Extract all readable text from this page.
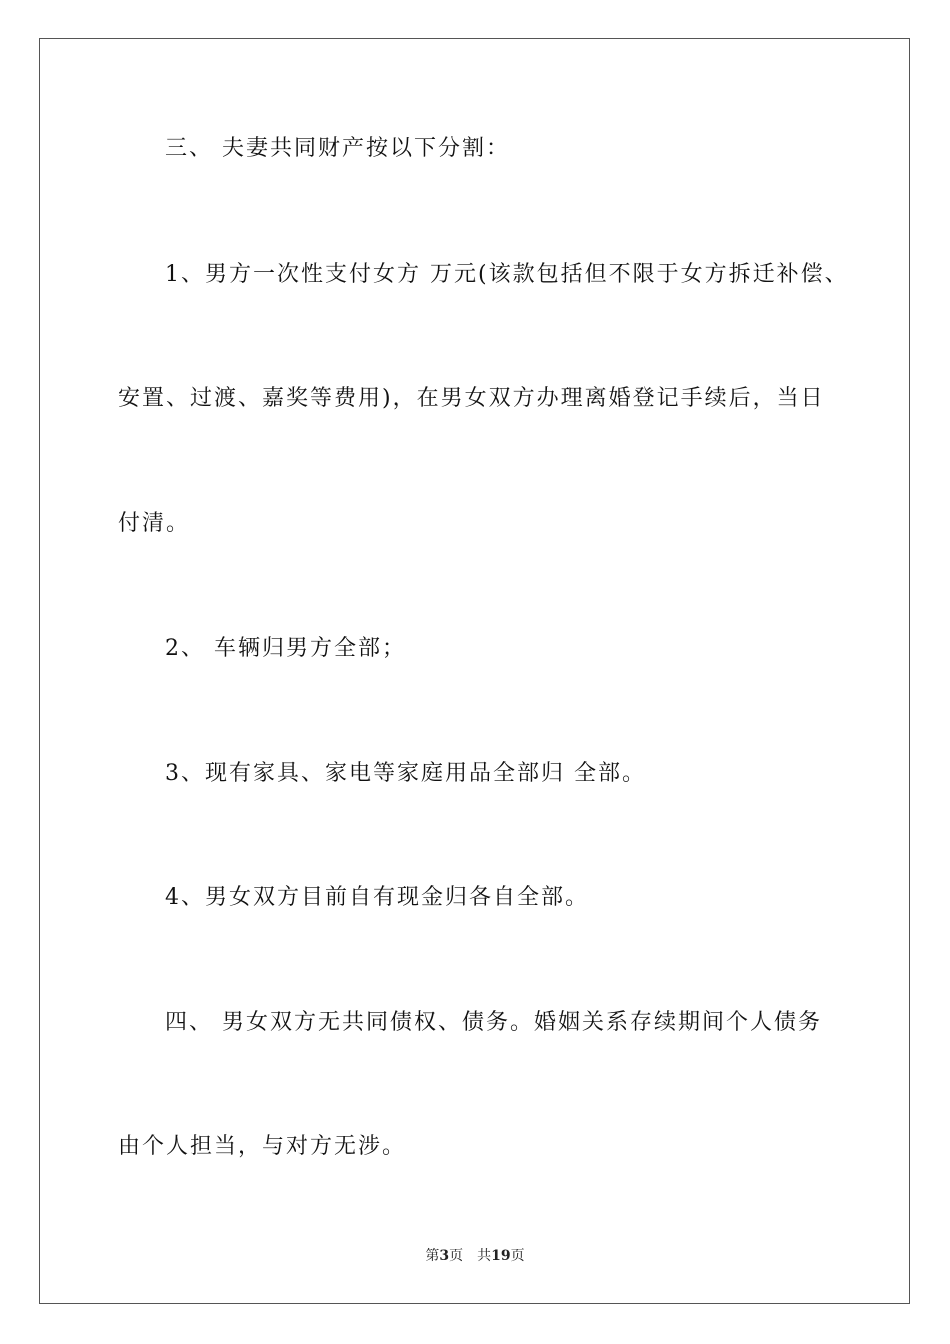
三、 夫妻共同财产按以下分割：
1、男方一次性支付女方 万元(该款包括但不限于女方拆迁补偿、
安置、过渡、嘉奖等费用)，在男女双方办理离婚登记手续后，当日
付清。
2、 车辆归男方全部；
3、现有家具、家电等家庭用品全部归 全部。
4、男女双方目前自有现金归各自全部。
四、 男女双方无共同债权、债务。婚姻关系存续期间个人债务
由个人担当，与对方无涉。
第3页 共19页
